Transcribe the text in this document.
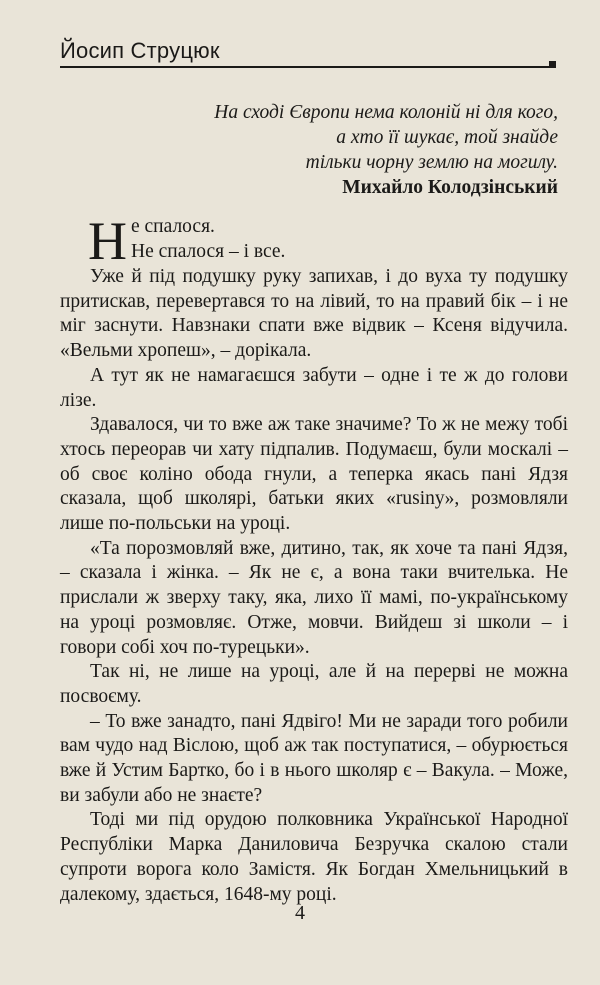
Йосип Струцюк
На сході Європи нема колоній ні для кого,
а хто її шукає, той знайде
тільки чорну землю на могилу.
Михайло Колодзінський
Н е спалося.

Не спалося – і все.

Уже й під подушку руку запихав, і до вуха ту подушку притискав, перевертався то на лівий, то на правий бік – і не міг заснути. Навзнаки спати вже відвик – Ксеня відучила. «Вельми хропеш», – дорікала.

А тут як не намагаєшся забути – одне і те ж до голови лізе.

Здавалося, чи то вже аж таке значиме? То ж не межу тобі хтось переорав чи хату підпалив. Подумаєш, були москалі – об своє коліно обода гнули, а теперка якась пані Ядзя сказала, щоб школярі, батьки яких «rusiny», розмовляли лише по-польськи на уроці.

«Та порозмовляй вже, дитино, так, як хоче та пані Ядзя, – сказала і жінка. – Як не є, а вона таки вчителька. Не прислали ж зверху таку, яка, лихо її мамі, по-українському на уроці розмовляє. Отже, мовчи. Вийдеш зі школи – і говори собі хоч по-турецьки».

Так ні, не лише на уроці, але й на перерві не можна посвоєму.

– То вже занадто, пані Ядвіго! Ми не заради того робили вам чудо над Віслою, щоб аж так поступатися, – обурюється вже й Устим Бартко, бо і в нього школяр є – Вакула. – Може, ви забули або не знаєте?

Тоді ми під орудою полковника Української Народної Республіки Марка Даниловича Безручка скалою стали супроти ворога коло Замістя. Як Богдан Хмельницький в далекому, здається, 1648-му році.

4
